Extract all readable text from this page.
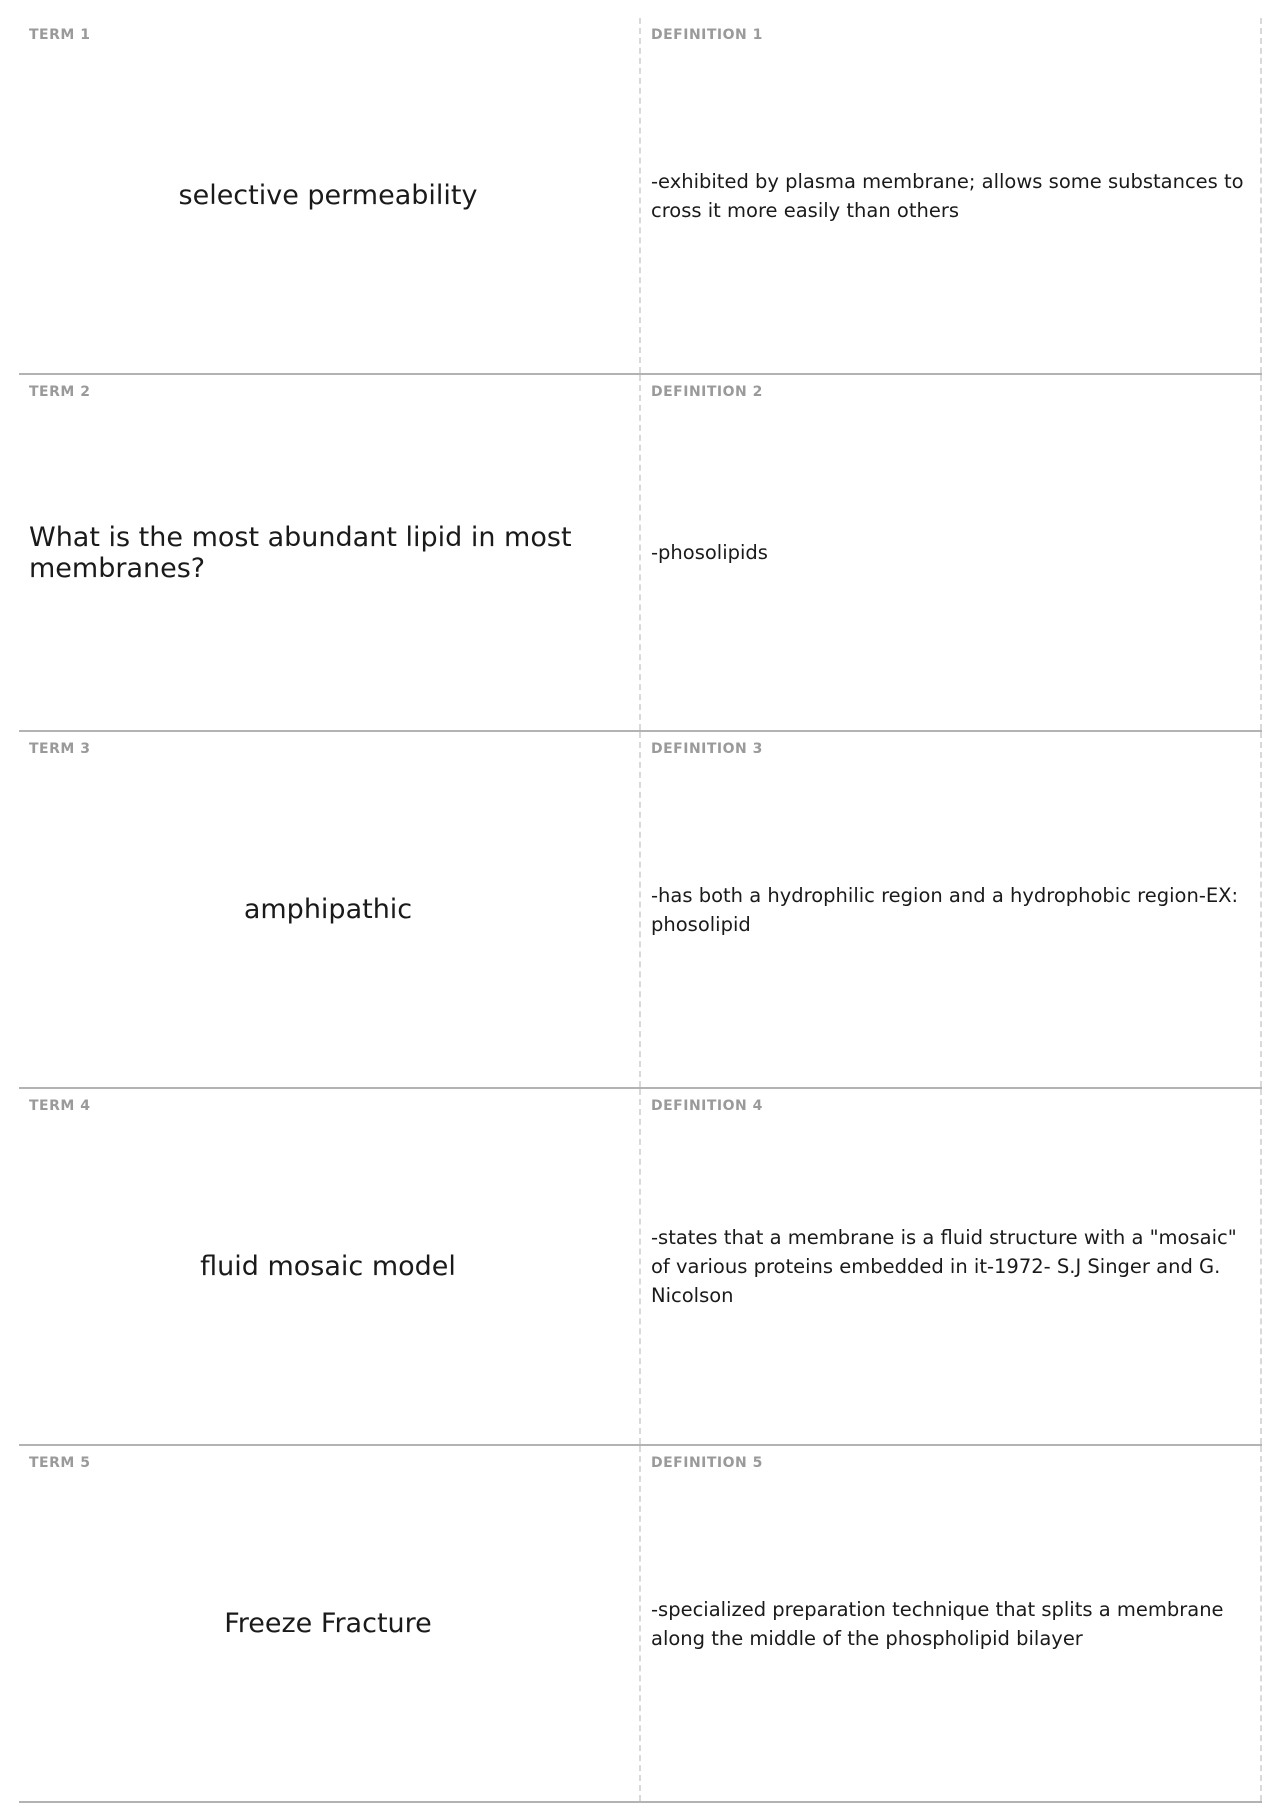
TERM 1
selective permeability
DEFINITION 1
-exhibited by plasma membrane; allows some substances to cross it more easily than others
TERM 2
What is the most abundant lipid in most membranes?
DEFINITION 2
-phosolipids
TERM 3
amphipathic
DEFINITION 3
-has both a hydrophilic region and a hydrophobic region-EX: phosolipid
TERM 4
fluid mosaic model
DEFINITION 4
-states that a membrane is a fluid structure with a "mosaic" of various proteins embedded in it-1972- S.J Singer and G. Nicolson
TERM 5
Freeze Fracture
DEFINITION 5
-specialized preparation technique that splits a membrane along the middle of the phospholipid bilayer
